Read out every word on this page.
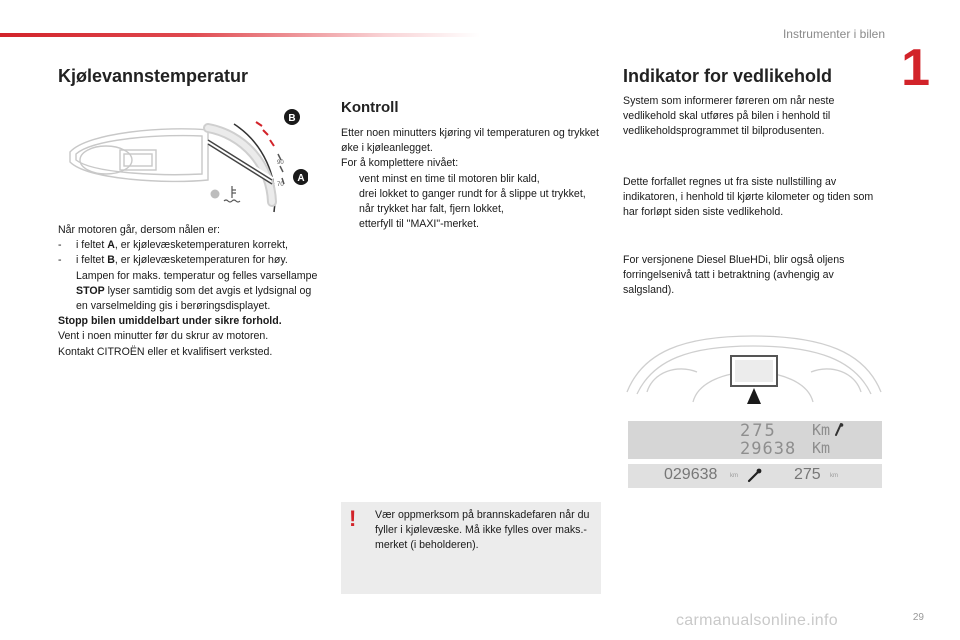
Instrumenter i bilen
1
Kjølevannstemperatur
90
70
B
A

Når motoren går, dersom nålen er:

- i feltet A, er kjølevæsketemperaturen korrekt,
- i feltet B, er kjølevæsketemperaturen for høy. Lampen for maks. temperatur og felles varsellampe STOP lyser samtidig som det avgis et lydsignal og en varselmelding gis i berøringsdisplayet.

Stopp bilen umiddelbart under sikre forhold.

Vent i noen minutter før du skrur av motoren.

Kontakt CITROËN eller et kvalifisert verksted.

Kontroll

Etter noen minutters kjøring vil temperaturen og trykket øke i kjøleanlegget.

For å komplettere nivået:

vent minst en time til motoren blir kald,
drei lokket to ganger rundt for å slippe ut trykket,
når trykket har falt, fjern lokket,
etterfyll til "MAXI"-merket.
! Vær oppmerksom på brannskadefaren når du fyller i kjølevæske. Må ikke fylles over maks.-merket (i beholderen).
Indikator for vedlikehold
System som informerer føreren om når neste vedlikehold skal utføres på bilen i henhold til vedlikeholdsprogrammet til bilprodusenten.
Dette forfallet regnes ut fra siste nullstilling av indikatoren, i henhold til kjørte kilometer og tiden som har forløpt siden siste vedlikehold.
For versjonene Diesel BlueHDi, blir også oljens forringelsenivå tatt i betraktning (avhengig av salgsland).
275 Km
29638 Km
029638 km	275 km
29
carmanualsonline.info
